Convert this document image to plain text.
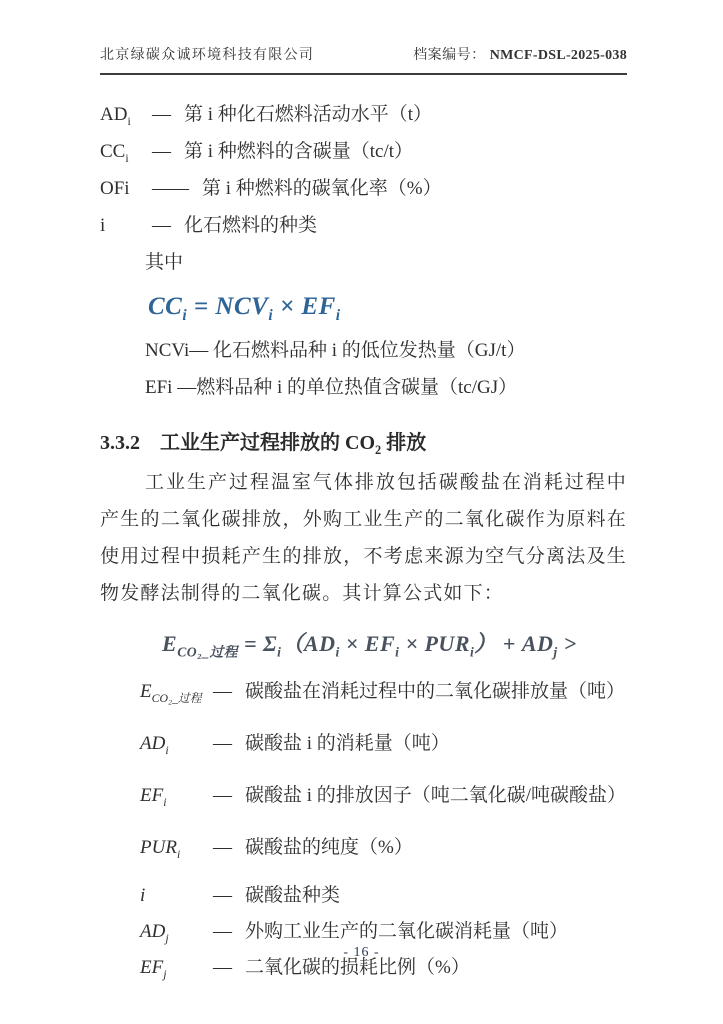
北京绿碳众诚环境科技有限公司	档案编号： NMCF-DSL-2025-038
$AD_i$	— 第 i 种化石燃料活动水平（t）
$CC_i$	— 第 i 种燃料的含碳量（tc/t）
OFi	—— 第 i 种燃料的碳氧化率（%）
i	— 化石燃料的种类
其中
$CC_i = NCV_i \times EF_i$
NCVi— 化石燃料品种 i 的低位发热量（GJ/t）
EFi —燃料品种 i 的单位热值含碳量（tc/GJ）
3.3.2 工业生产过程排放的 $CO_2$ 排放

工业生产过程温室气体排放包括碳酸盐在消耗过程中产生的二氧化碳排放，外购工业生产的二氧化碳作为原料在使用过程中损耗产生的排放，不考虑来源为空气分离法及生物发酵法制得的二氧化碳。其计算公式如下：

$E_{CO_2\_过程} = \Sigma_i(AD_i \times EF_i \times PUR_i) + AD_j$ >
$E_{CO_2\_过程}$ — 碳酸盐在消耗过程中的二氧化碳排放量（吨）
$AD_i$	— 碳酸盐 i 的消耗量（吨）
$EF_i$	— 碳酸盐 i 的排放因子（吨二氧化碳/吨碳酸盐）
$PUR_i$	— 碳酸盐的纯度（%）
i	— 碳酸盐种类
$AD_j$	— 外购工业生产的二氧化碳消耗量（吨）
$EF_j$	— 二氧化碳的损耗比例（%）
- 16 -
